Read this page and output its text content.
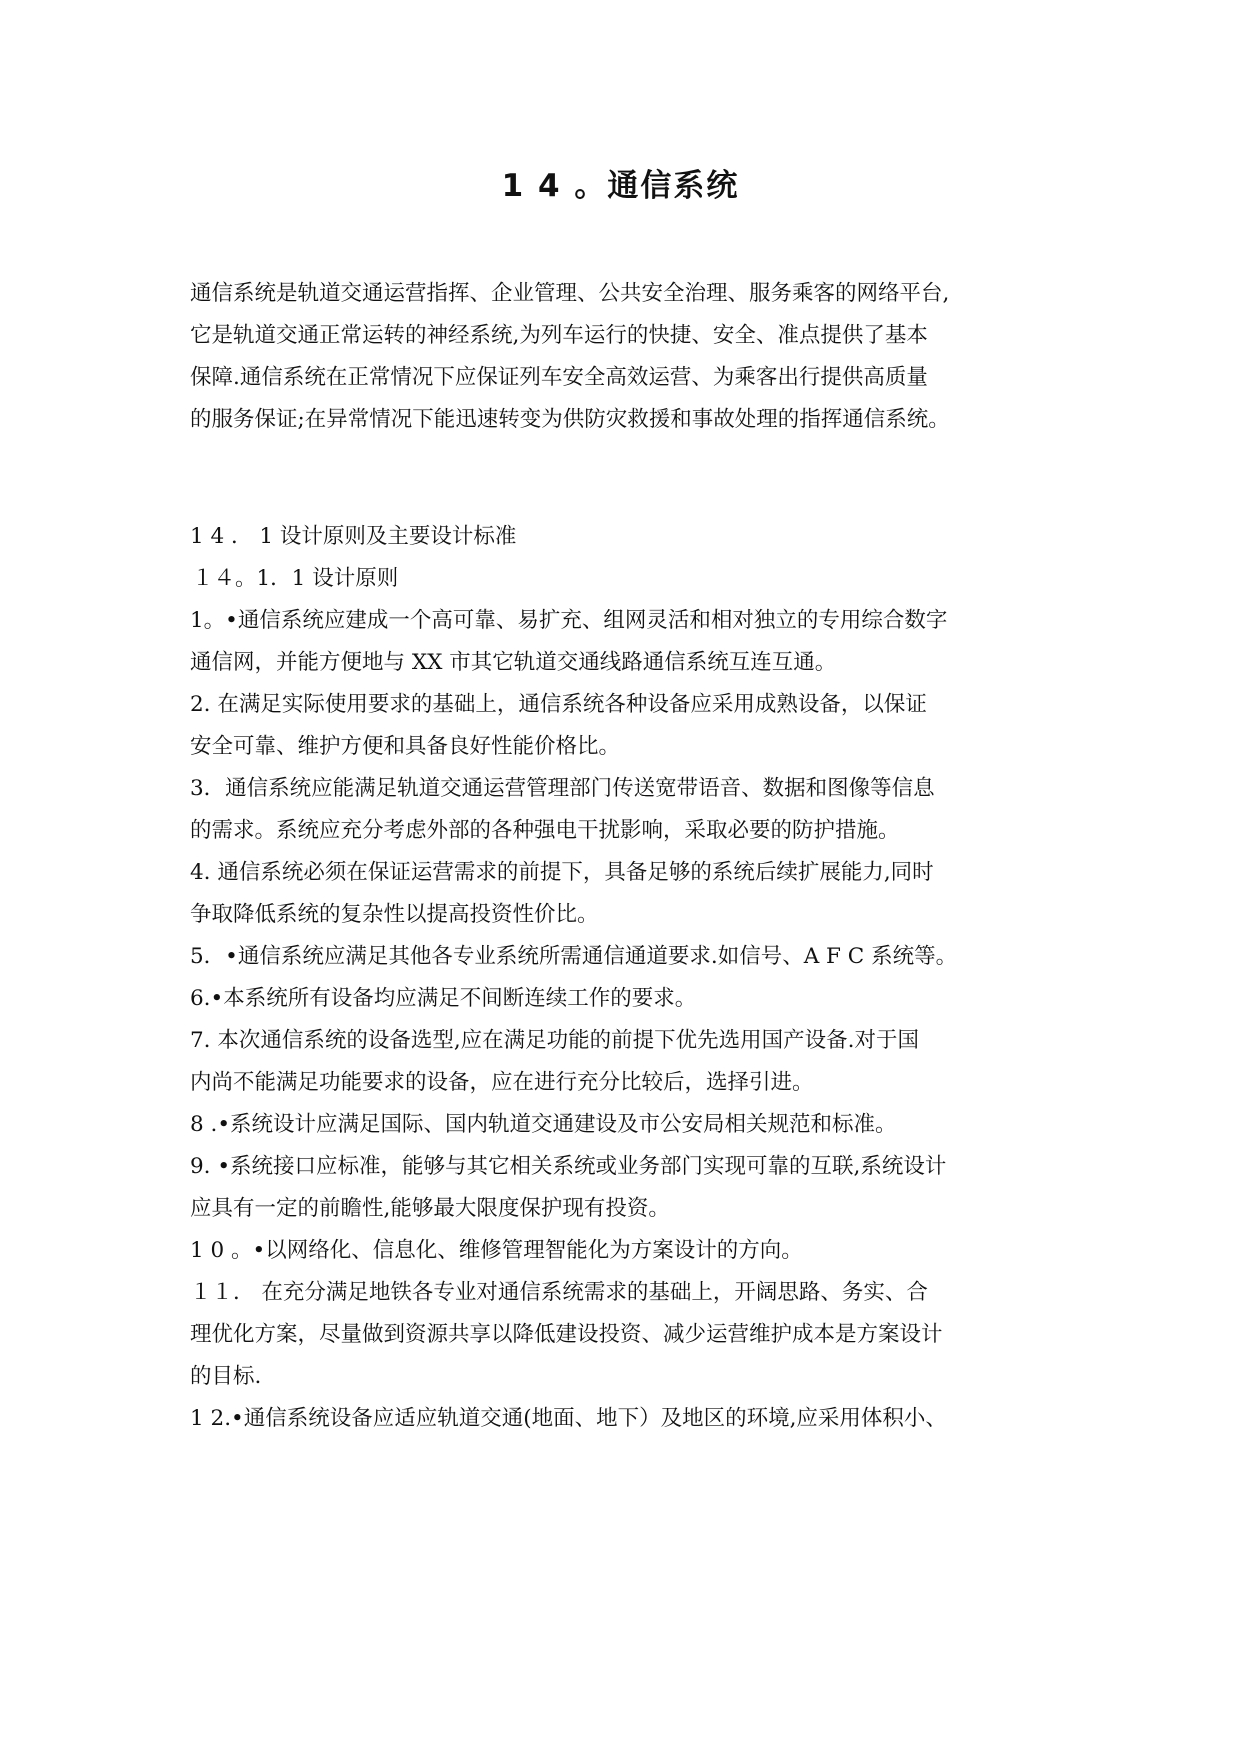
1 4 。通信系统
通信系统是轨道交通运营指挥、企业管理、公共安全治理、服务乘客的网络平台,
它是轨道交通正常运转的神经系统,为列车运行的快捷、安全、准点提供了基本
保障.通信系统在正常情况下应保证列车安全高效运营、为乘客出行提供高质量
的服务保证;在异常情况下能迅速转变为供防灾救援和事故处理的指挥通信系统。
1 4 ． 1 设计原则及主要设计标准
１４。1．1 设计原则
1。•通信系统应建成一个高可靠、易扩充、组网灵活和相对独立的专用综合数字
通信网，并能方便地与 XX 市其它轨道交通线路通信系统互连互通。
2. 在满足实际使用要求的基础上，通信系统各种设备应采用成熟设备，以保证
安全可靠、维护方便和具备良好性能价格比。
3．通信系统应能满足轨道交通运营管理部门传送宽带语音、数据和图像等信息
的需求。系统应充分考虑外部的各种强电干扰影响，采取必要的防护措施。
4. 通信系统必须在保证运营需求的前提下，具备足够的系统后续扩展能力,同时
争取降低系统的复杂性以提高投资性价比。
5．•通信系统应满足其他各专业系统所需通信通道要求.如信号、A F C 系统等。
6.•本系统所有设备均应满足不间断连续工作的要求。
7. 本次通信系统的设备选型,应在满足功能的前提下优先选用国产设备.对于国
内尚不能满足功能要求的设备，应在进行充分比较后，选择引进。
8 .•系统设计应满足国际、国内轨道交通建设及市公安局相关规范和标准。
9. •系统接口应标准，能够与其它相关系统或业务部门实现可靠的互联,系统设计
应具有一定的前瞻性,能够最大限度保护现有投资。
1 0 。•以网络化、信息化、维修管理智能化为方案设计的方向。
１１． 在充分满足地铁各专业对通信系统需求的基础上，开阔思路、务实、合
理优化方案，尽量做到资源共享以降低建设投资、减少运营维护成本是方案设计
的目标.
1 2.•通信系统设备应适应轨道交通(地面、地下）及地区的环境,应采用体积小、
